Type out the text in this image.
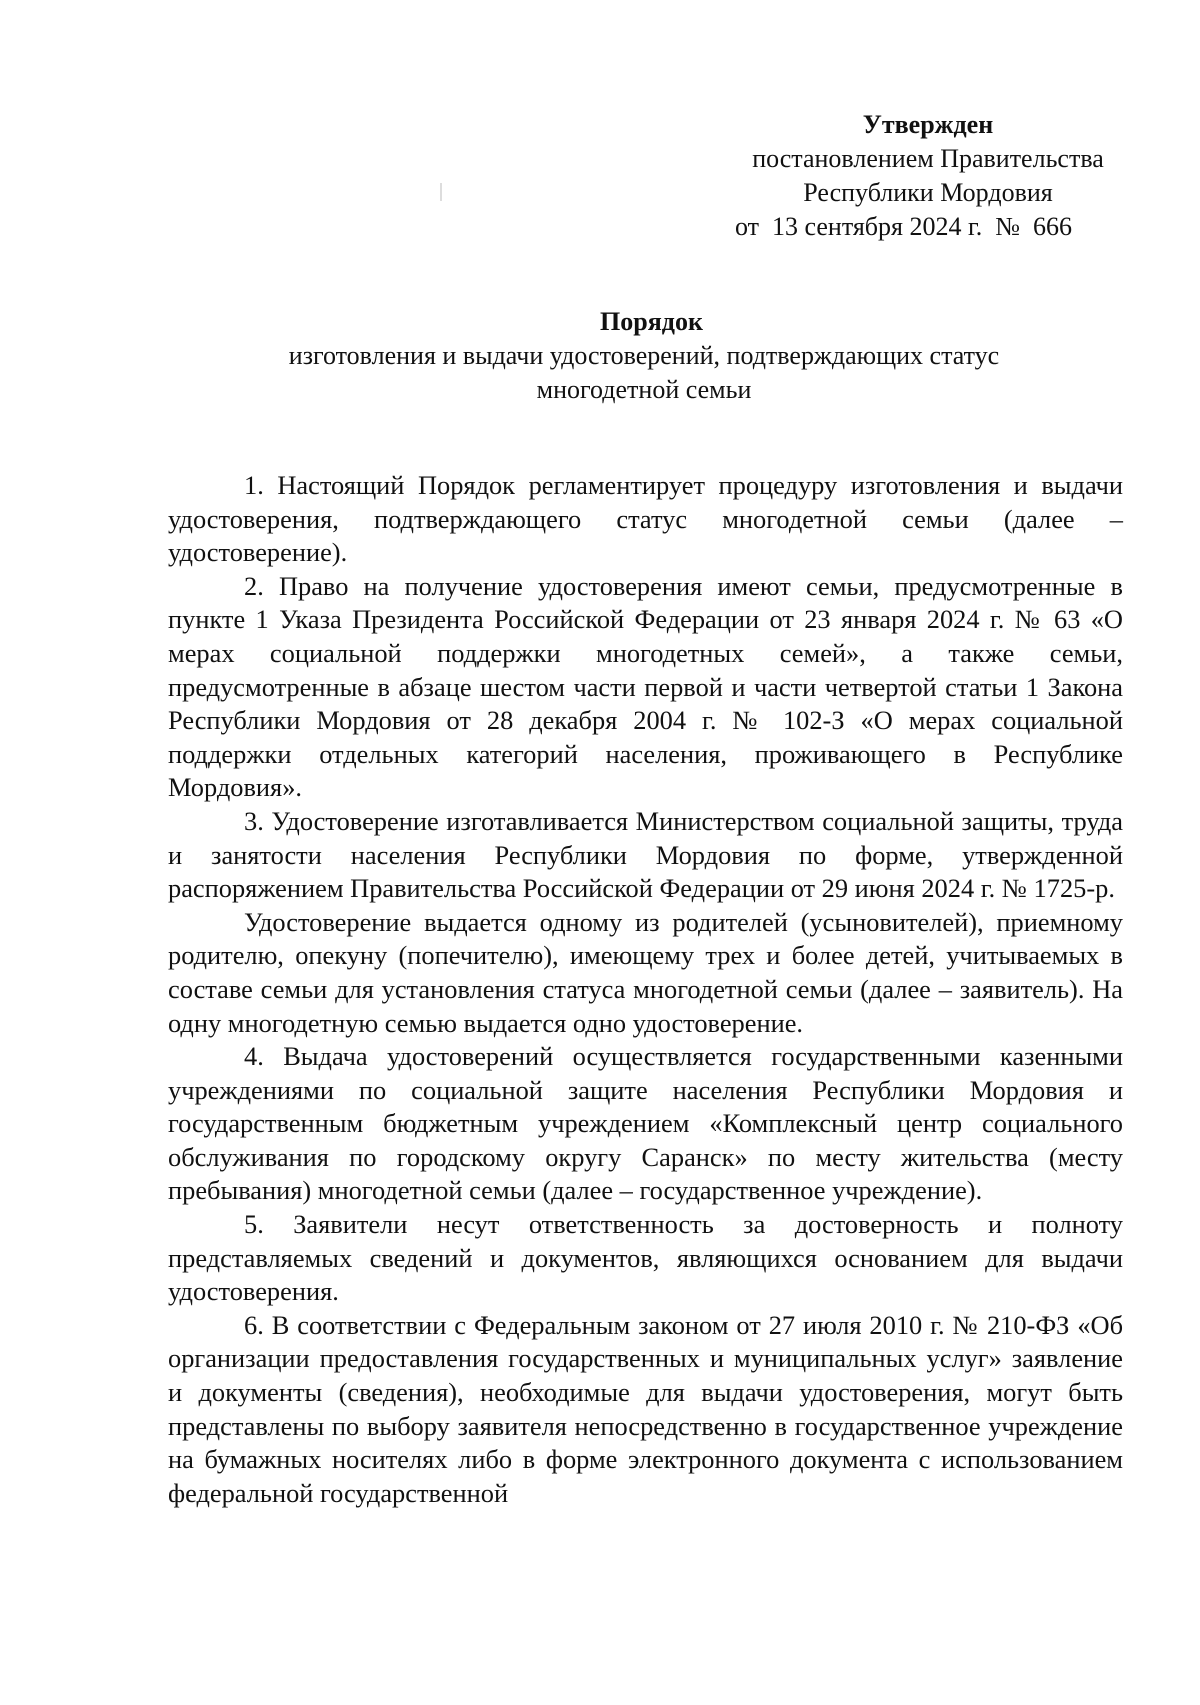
Утвержден
постановлением Правительства
Республики Мордовия
от  13 сентября 2024 г.  №  666
Порядок
изготовления и выдачи удостоверений, подтверждающих статус многодетной семьи

1. Настоящий Порядок регламентирует процедуру изготовления и выдачи удостоверения, подтверждающего статус многодетной семьи (далее – удостоверение).

2. Право на получение удостоверения имеют семьи, предусмотренные в пункте 1 Указа Президента Российской Федерации от 23 января 2024 г. № 63 «О мерах социальной поддержки многодетных семей», а также семьи, предусмотренные в абзаце шестом части первой и части четвертой статьи 1 Закона Республики Мордовия от 28 декабря 2004 г. № 102-З «О мерах социальной поддержки отдельных категорий населения, проживающего в Республике Мордовия».

3. Удостоверение изготавливается Министерством социальной защиты, труда и занятости населения Республики Мордовия по форме, утвержденной распоряжением Правительства Российской Федерации от 29 июня 2024 г. № 1725-р.

Удостоверение выдается одному из родителей (усыновителей), приемному родителю, опекуну (попечителю), имеющему трех и более детей, учитываемых в составе семьи для установления статуса многодетной семьи (далее – заявитель). На одну многодетную семью выдается одно удостоверение.

4. Выдача удостоверений осуществляется государственными казенными учреждениями по социальной защите населения Республики Мордовия и государственным бюджетным учреждением «Комплексный центр социального обслуживания по городскому округу Саранск» по месту жительства (месту пребывания) многодетной семьи (далее – государственное учреждение).

5. Заявители несут ответственность за достоверность и полноту представляемых сведений и документов, являющихся основанием для выдачи удостоверения.

6. В соответствии с Федеральным законом от 27 июля 2010 г. № 210-ФЗ «Об организации предоставления государственных и муниципальных услуг» заявление и документы (сведения), необходимые для выдачи удостоверения, могут быть представлены по выбору заявителя непосредственно в государственное учреждение на бумажных носителях либо в форме электронного документа с использованием федеральной государственной
